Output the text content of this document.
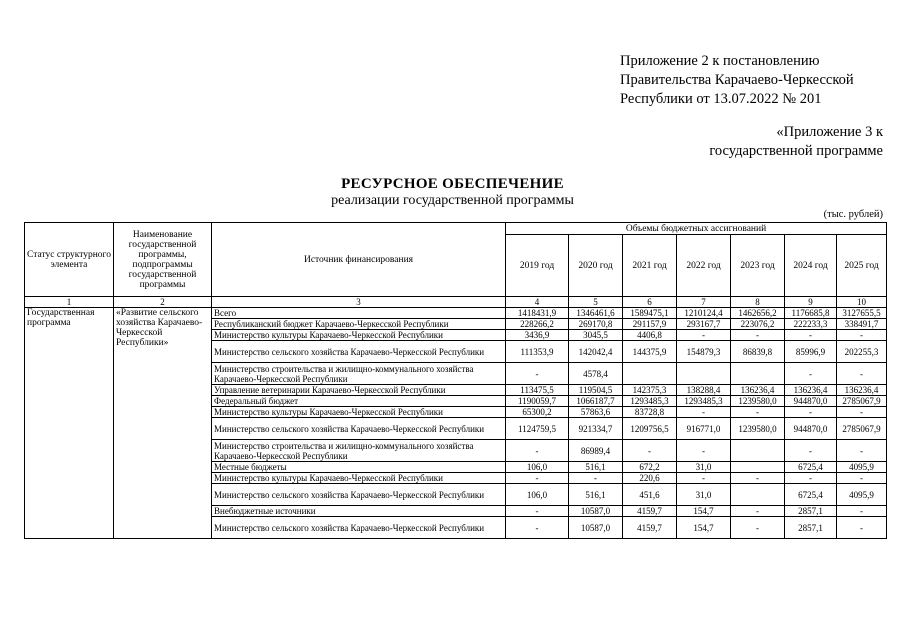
Приложение 2 к постановлению
Правительства Карачаево-Черкесской
Республики от 13.07.2022 № 201
«Приложение 3 к
государственной программе
РЕСУРСНОЕ ОБЕСПЕЧЕНИЕ
реализации государственной программы
(тыс. рублей)
Статус структурного элемента	Наименование государственной программы, подпрограммы государственной программы	Источник финансирования	Объемы бюджетных ассигнований						
			2019 год	2020 год	2021 год	2022 год	2023 год	2024 год	2025 год
1	2	3	4	5	6	7	8	9	10
Государственная программа	«Развитие сельского хозяйства Карачаево-Черкесской Республики»	Всего	1418431,9	1346461,6	1589475,1	1210124,4	1462656,2	1176685,8	3127655,5
		Республиканский бюджет Карачаево-Черкесской Республики	228266,2	269170,8	291157,9	293167,7	223076,2	222233,3	338491,7
		Министерство культуры Карачаево-Черкесской Республики	3436,9	3045,5	4406,8	-	-	-	-
		Министерство сельского хозяйства Карачаево-Черкесской Республики	111353,9	142042,4	144375,9	154879,3	86839,8	85996,9	202255,3
		Министерство строительства и жилищно-коммунального хозяйства Карачаево-Черкесской Республики	-	4578,4				-	-
		Управление ветеринарии Карачаево-Черкесской Республики	113475,5	119504,5	142375,3	138288,4	136236,4	136236,4	136236,4
		Федеральный бюджет	1190059,7	1066187,7	1293485,3	1293485,3	1239580,0	944870,0	2785067,9
		Министерство культуры Карачаево-Черкесской Республики	65300,2	57863,6	83728,8	-	-	-	-
		Министерство сельского хозяйства Карачаево-Черкесской Республики	1124759,5	921334,7	1209756,5	916771,0	1239580,0	944870,0	2785067,9
		Министерство строительства и жилищно-коммунального хозяйства Карачаево-Черкесской Республики	-	86989,4	-	-		-	-
		Местные бюджеты	106,0	516,1	672,2	31,0		6725,4	4095,9
		Министерство культуры Карачаево-Черкесской Республики	-	-	220,6	-	-	-	-
		Министерство сельского хозяйства Карачаево-Черкесской Республики	106,0	516,1	451,6	31,0		6725,4	4095,9
		Внебюджетные источники	-	10587,0	4159,7	154,7	-	2857,1	-
		Министерство сельского хозяйства Карачаево-Черкесской Республики	-	10587,0	4159,7	154,7	-	2857,1	-
